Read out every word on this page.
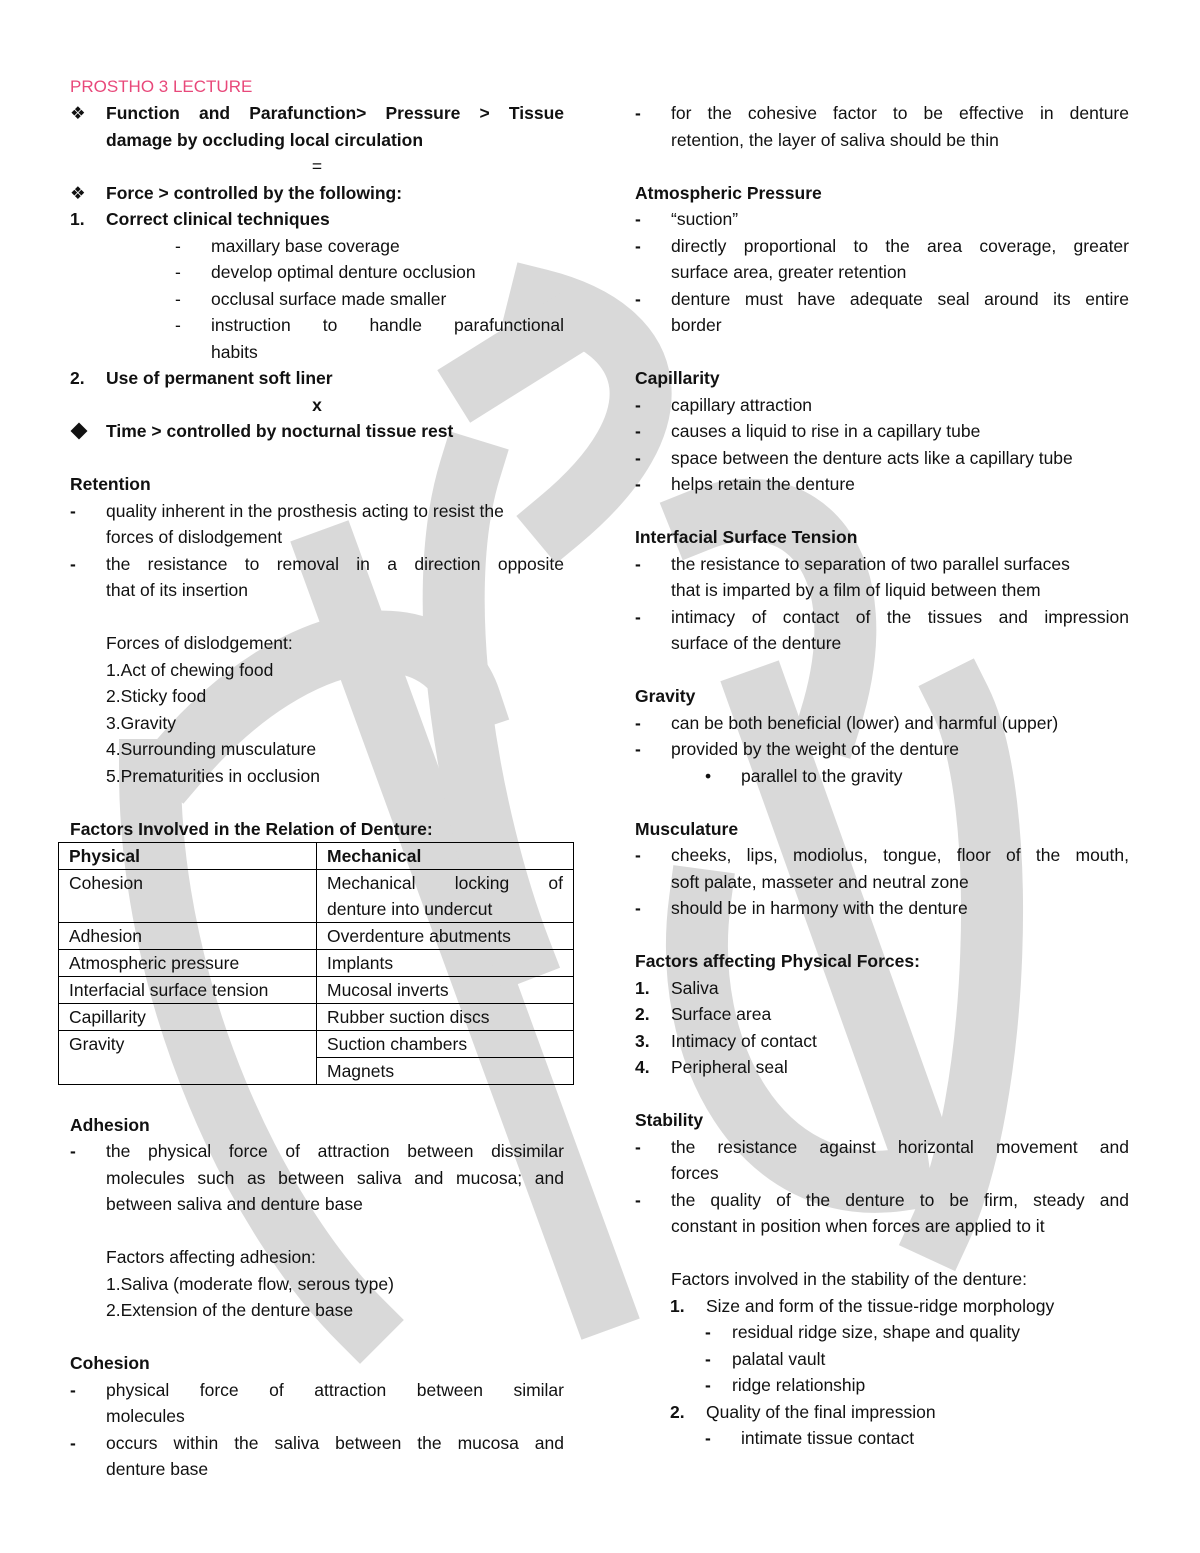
PROSTHO 3 LECTURE
❖ Function and Parafunction> Pressure > Tissue
damage by occluding local circulation
=
❖ Force > controlled by the following:
1. Correct clinical techniques
- maxillary base coverage
- develop optimal denture occlusion
- occlusal surface made smaller
- instruction to handle parafunctional
habits
2. Use of permanent soft liner
x
Time > controlled by nocturnal tissue rest
Retention
- quality inherent in the prosthesis acting to resist the
forces of dislodgement
- the resistance to removal in a direction opposite
that of its insertion
Forces of dislodgement:
1.Act of chewing food
2.Sticky food
3.Gravity
4.Surrounding musculature
5.Prematurities in occlusion
Factors Involved in the Relation of Denture:
Physical	Mechanical
Cohesion	Mechanical locking of
denture into undercut

Adhesion	Overdenture abutments
Atmospheric pressure	Implants
Interfacial surface tension	Mucosal inverts
Capillarity	Rubber suction discs
Gravity	Suction chambers
	Magnets
Adhesion
- the physical force of attraction between dissimilar
molecules such as between saliva and mucosa; and
between saliva and denture base
Factors affecting adhesion:
1.Saliva (moderate flow, serous type)
2.Extension of the denture base
Cohesion
- physical force of attraction between similar
molecules
- occurs within the saliva between the mucosa and
denture base
- for the cohesive factor to be effective in denture
retention, the layer of saliva should be thin
Atmospheric Pressure
- “suction”
- directly proportional to the area coverage, greater
surface area, greater retention
- denture must have adequate seal around its entire
border
Capillarity
- capillary attraction
- causes a liquid to rise in a capillary tube
- space between the denture acts like a capillary tube
- helps retain the denture
Interfacial Surface Tension
- the resistance to separation of two parallel surfaces
that is imparted by a film of liquid between them
- intimacy of contact of the tissues and impression
surface of the denture
Gravity
- can be both beneficial (lower) and harmful (upper)
- provided by the weight of the denture
• parallel to the gravity
Musculature
- cheeks, lips, modiolus, tongue, floor of the mouth,
soft palate, masseter and neutral zone
- should be in harmony with the denture
Factors affecting Physical Forces:
1. Saliva
2. Surface area
3. Intimacy of contact
4. Peripheral seal
Stability
- the resistance against horizontal movement and
forces
- the quality of the denture to be firm, steady and
constant in position when forces are applied to it
Factors involved in the stability of the denture:
1. Size and form of the tissue-ridge morphology
- residual ridge size, shape and quality
- palatal vault
- ridge relationship
2. Quality of the final impression
- intimate tissue contact
